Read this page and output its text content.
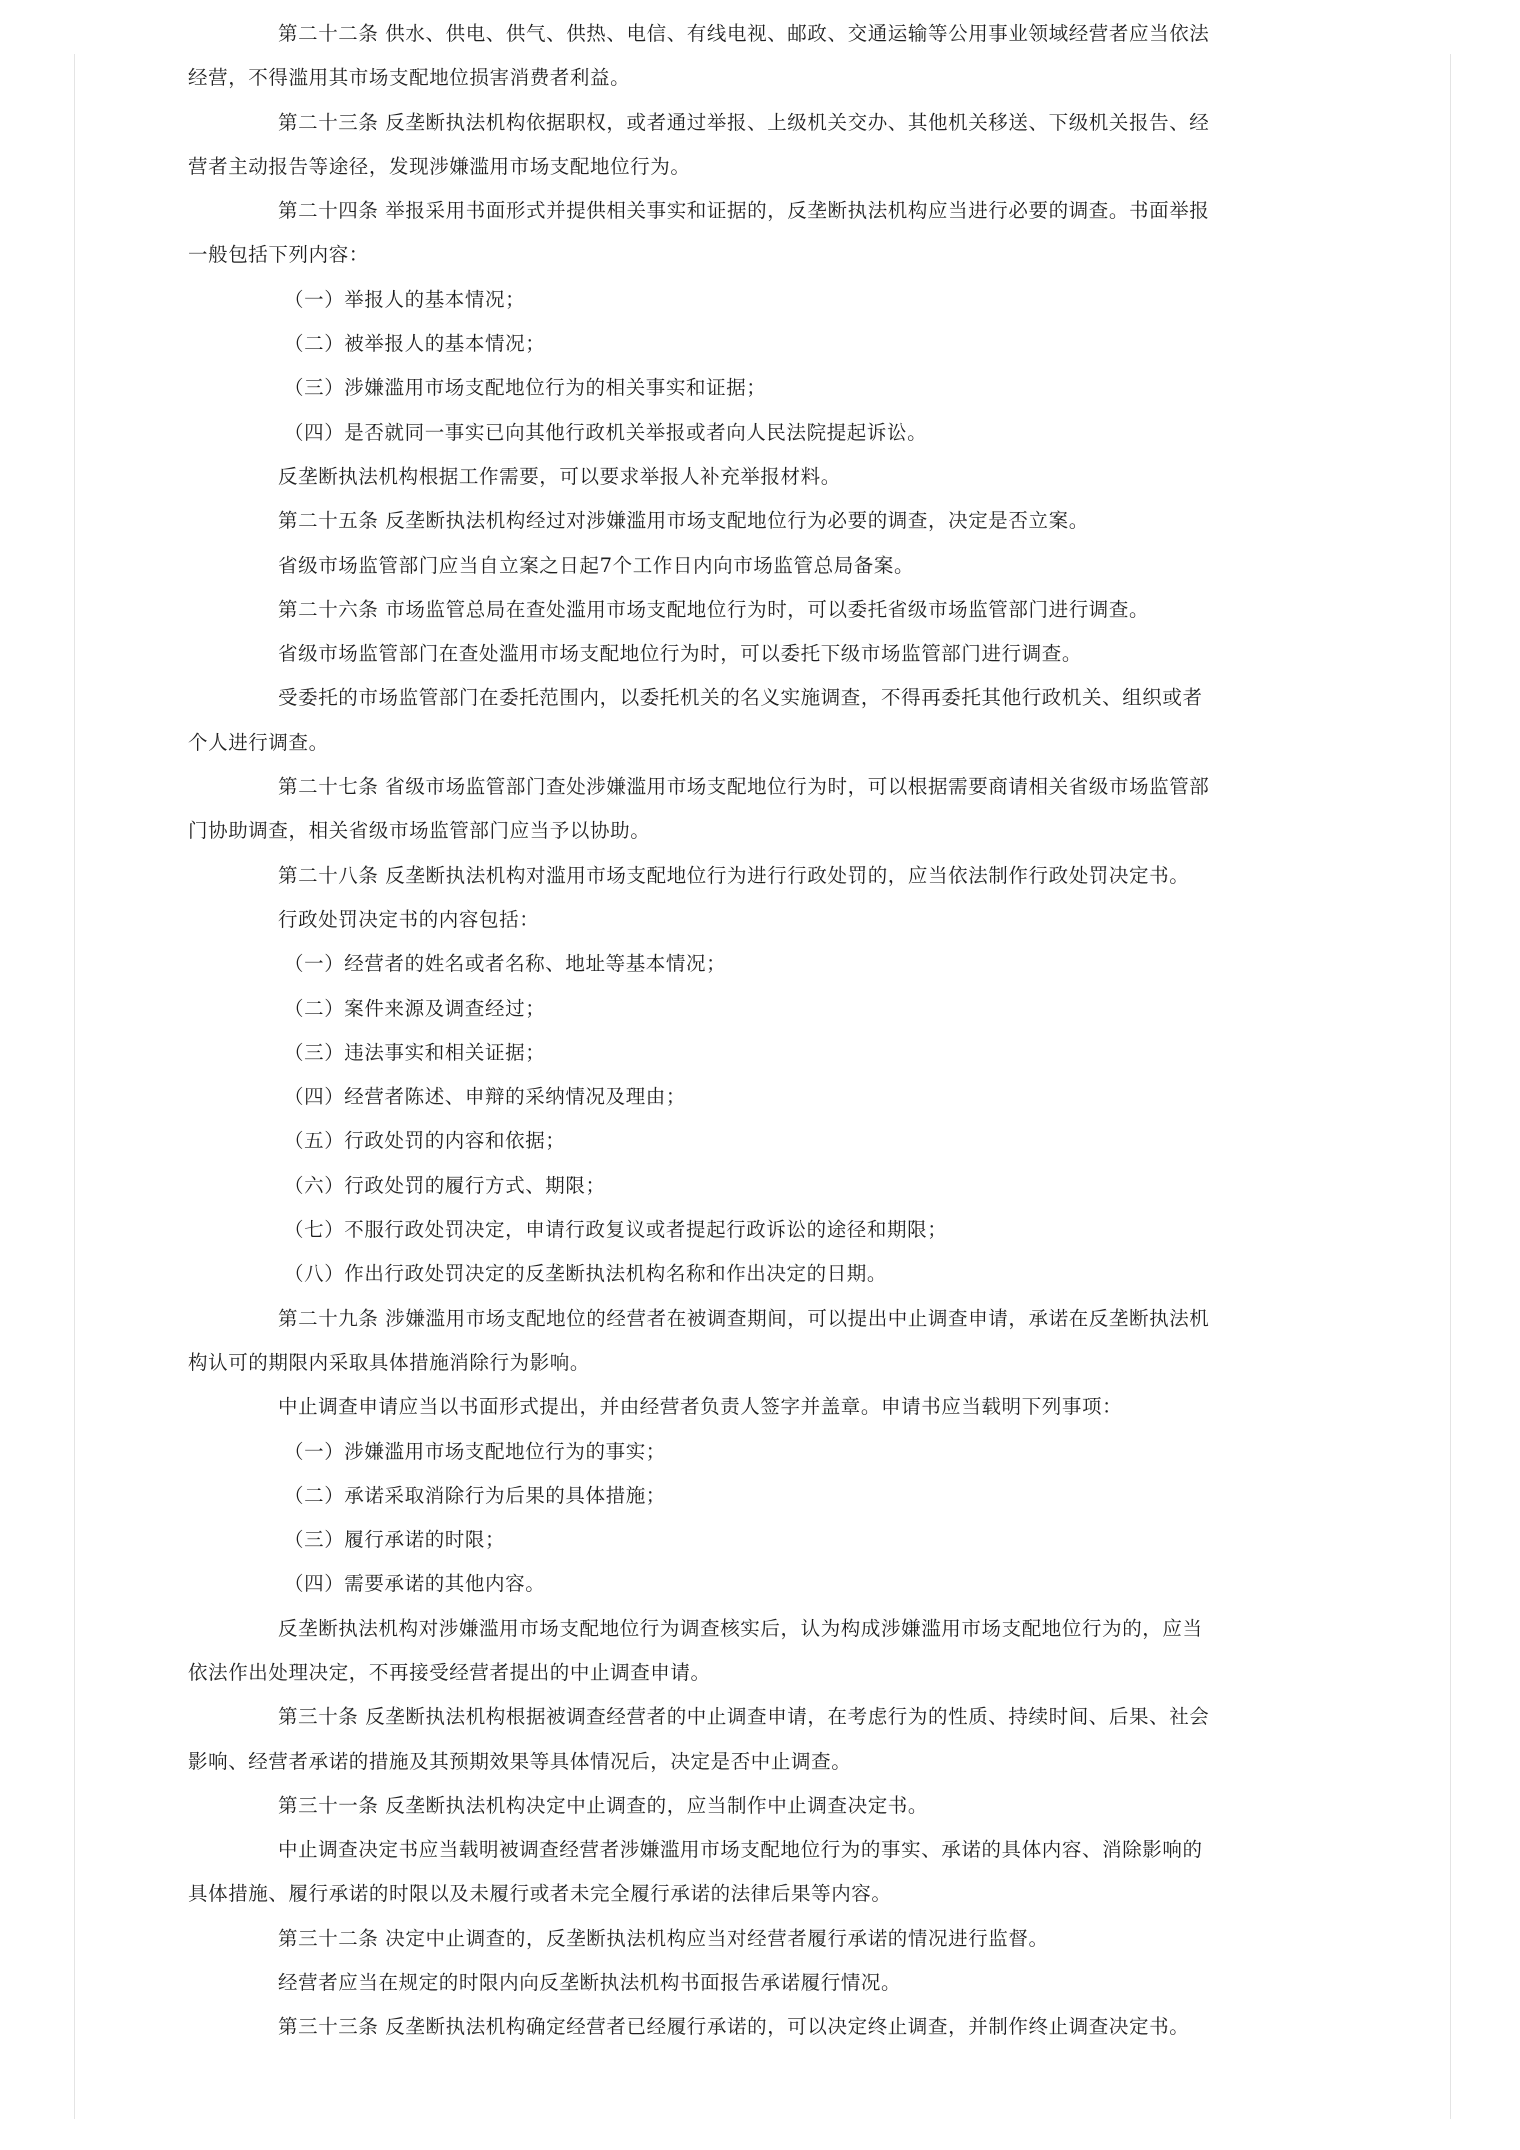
第二十二条 供水、供电、供气、供热、电信、有线电视、邮政、交通运输等公用事业领域经营者应当依法

经营，不得滥用其市场支配地位损害消费者利益。

第二十三条 反垄断执法机构依据职权，或者通过举报、上级机关交办、其他机关移送、下级机关报告、经

营者主动报告等途径，发现涉嫌滥用市场支配地位行为。

第二十四条 举报采用书面形式并提供相关事实和证据的，反垄断执法机构应当进行必要的调查。书面举报

一般包括下列内容：

（一）举报人的基本情况；

（二）被举报人的基本情况；

（三）涉嫌滥用市场支配地位行为的相关事实和证据；

（四）是否就同一事实已向其他行政机关举报或者向人民法院提起诉讼。

反垄断执法机构根据工作需要，可以要求举报人补充举报材料。

第二十五条 反垄断执法机构经过对涉嫌滥用市场支配地位行为必要的调查，决定是否立案。

省级市场监管部门应当自立案之日起7个工作日内向市场监管总局备案。

第二十六条 市场监管总局在查处滥用市场支配地位行为时，可以委托省级市场监管部门进行调查。

省级市场监管部门在查处滥用市场支配地位行为时，可以委托下级市场监管部门进行调查。

受委托的市场监管部门在委托范围内，以委托机关的名义实施调查，不得再委托其他行政机关、组织或者

个人进行调查。

第二十七条 省级市场监管部门查处涉嫌滥用市场支配地位行为时，可以根据需要商请相关省级市场监管部

门协助调查，相关省级市场监管部门应当予以协助。

第二十八条 反垄断执法机构对滥用市场支配地位行为进行行政处罚的，应当依法制作行政处罚决定书。

行政处罚决定书的内容包括：

（一）经营者的姓名或者名称、地址等基本情况；

（二）案件来源及调查经过；

（三）违法事实和相关证据；

（四）经营者陈述、申辩的采纳情况及理由；

（五）行政处罚的内容和依据；

（六）行政处罚的履行方式、期限；

（七）不服行政处罚决定，申请行政复议或者提起行政诉讼的途径和期限；

（八）作出行政处罚决定的反垄断执法机构名称和作出决定的日期。

第二十九条 涉嫌滥用市场支配地位的经营者在被调查期间，可以提出中止调查申请，承诺在反垄断执法机

构认可的期限内采取具体措施消除行为影响。

中止调查申请应当以书面形式提出，并由经营者负责人签字并盖章。申请书应当载明下列事项：

（一）涉嫌滥用市场支配地位行为的事实；

（二）承诺采取消除行为后果的具体措施；

（三）履行承诺的时限；

（四）需要承诺的其他内容。

反垄断执法机构对涉嫌滥用市场支配地位行为调查核实后，认为构成涉嫌滥用市场支配地位行为的，应当

依法作出处理决定，不再接受经营者提出的中止调查申请。

第三十条 反垄断执法机构根据被调查经营者的中止调查申请，在考虑行为的性质、持续时间、后果、社会

影响、经营者承诺的措施及其预期效果等具体情况后，决定是否中止调查。

第三十一条 反垄断执法机构决定中止调查的，应当制作中止调查决定书。

中止调查决定书应当载明被调查经营者涉嫌滥用市场支配地位行为的事实、承诺的具体内容、消除影响的

具体措施、履行承诺的时限以及未履行或者未完全履行承诺的法律后果等内容。

第三十二条 决定中止调查的，反垄断执法机构应当对经营者履行承诺的情况进行监督。

经营者应当在规定的时限内向反垄断执法机构书面报告承诺履行情况。

第三十三条 反垄断执法机构确定经营者已经履行承诺的，可以决定终止调查，并制作终止调查决定书。
